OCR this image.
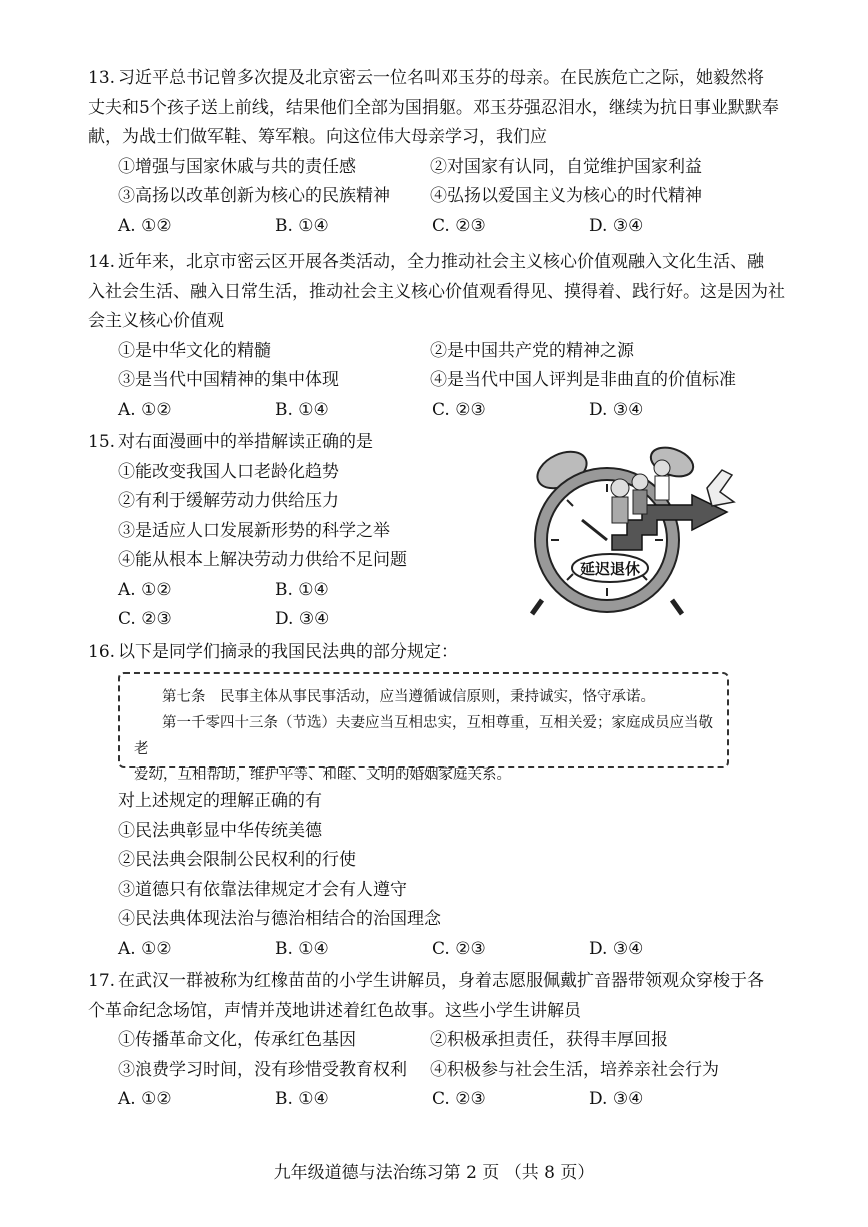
13. 习近平总书记曾多次提及北京密云一位名叫邓玉芬的母亲。在民族危亡之际，她毅然将
丈夫和5个孩子送上前线，结果他们全部为国捐躯。邓玉芬强忍泪水，继续为抗日事业默默奉献，为战士们做军鞋、筹军粮。向这位伟大母亲学习，我们应
①增强与国家休戚与共的责任感	②对国家有认同，自觉维护国家利益
③高扬以改革创新为核心的民族精神	④弘扬以爱国主义为核心的时代精神
A. ①②	B. ①④	C. ②③	D. ③④
14. 近年来，北京市密云区开展各类活动，全力推动社会主义核心价值观融入文化生活、融
入社会生活、融入日常生活，推动社会主义核心价值观看得见、摸得着、践行好。这是因为社会主义核心价值观
①是中华文化的精髓	②是中国共产党的精神之源
③是当代中国精神的集中体现	④是当代中国人评判是非曲直的价值标准
A. ①②	B. ①④	C. ②③	D. ③④
15. 对右面漫画中的举措解读正确的是
①能改变我国人口老龄化趋势
②有利于缓解劳动力供给压力
③是适应人口发展新形势的科学之举
④能从根本上解决劳动力供给不足问题
A. ①②	B. ①④
C. ②③	D. ③④
延迟退休
16. 以下是同学们摘录的我国民法典的部分规定：

第七条　民事主体从事民事活动，应当遵循诚信原则，秉持诚实，恪守承诺。

第一千零四十三条（节选）夫妻应当互相忠实，互相尊重，互相关爱；家庭成员应当敬老

爱幼，互相帮助，维护平等、和睦、文明的婚姻家庭关系。

对上述规定的理解正确的有
①民法典彰显中华传统美德
②民法典会限制公民权利的行使
③道德只有依靠法律规定才会有人遵守
④民法典体现法治与德治相结合的治国理念
A. ①②	B. ①④	C. ②③	D. ③④
17. 在武汉一群被称为红橡苗苗的小学生讲解员，身着志愿服佩戴扩音器带领观众穿梭于各
个革命纪念场馆，声情并茂地讲述着红色故事。这些小学生讲解员
①传播革命文化，传承红色基因	②积极承担责任，获得丰厚回报
③浪费学习时间，没有珍惜受教育权利	④积极参与社会生活，培养亲社会行为
A. ①②	B. ①④	C. ②③	D. ③④
九年级道德与法治练习第 2 页 （共 8 页）
